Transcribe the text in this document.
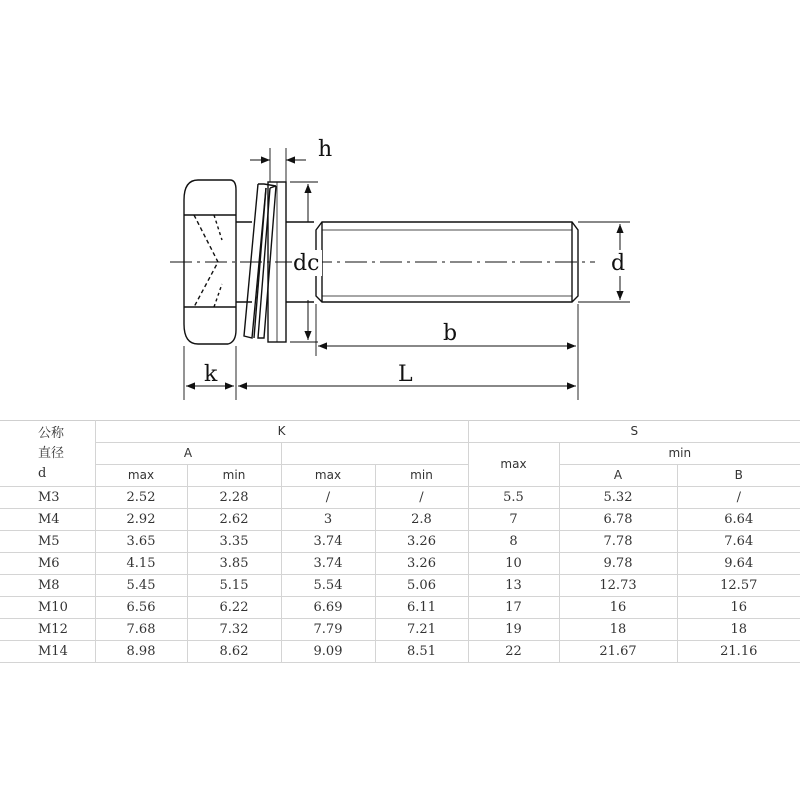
h
dc	d
b
k	L
公称
直径
d	K				S		
	A				max	min	
	max	min	max	min		A	B
M3	2.52	2.28	/	/	5.5	5.32	/
M4	2.92	2.62	3	2.8	7	6.78	6.64
M5	3.65	3.35	3.74	3.26	8	7.78	7.64
M6	4.15	3.85	3.74	3.26	10	9.78	9.64
M8	5.45	5.15	5.54	5.06	13	12.73	12.57
M10	6.56	6.22	6.69	6.11	17	16	16
M12	7.68	7.32	7.79	7.21	19	18	18
M14	8.98	8.62	9.09	8.51	22	21.67	21.16
